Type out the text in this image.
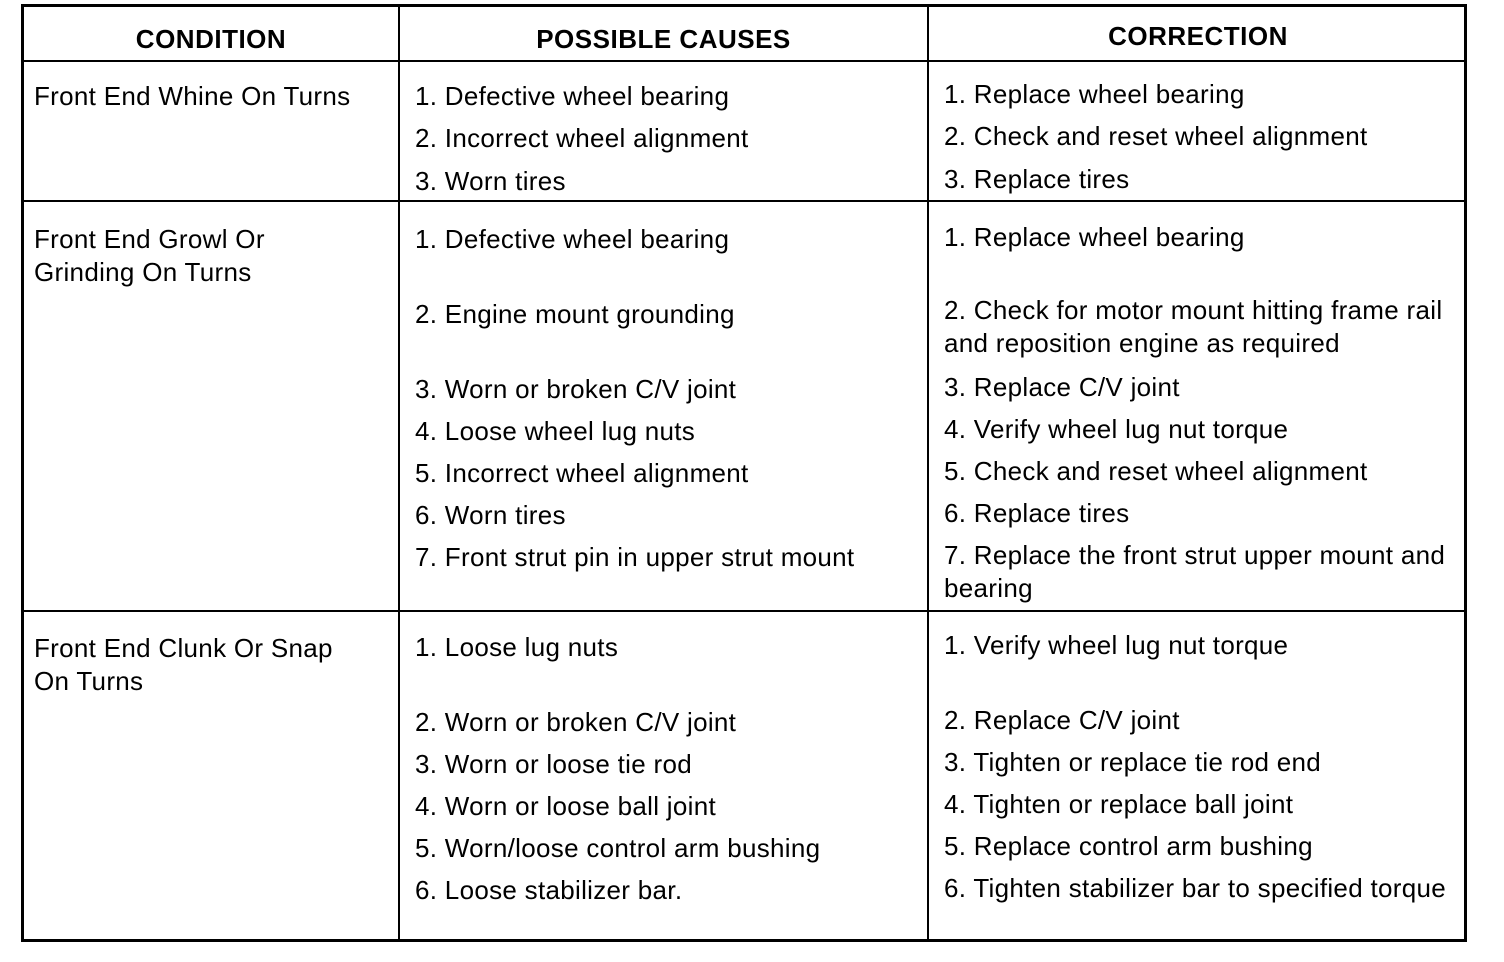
CONDITION	POSSIBLE CAUSES	CORRECTION
Front End Whine On Turns 1. Defective wheel bearing
2. Incorrect wheel alignment
3. Worn tires
1. Replace wheel bearing
2. Check and reset wheel alignment
3. Replace tires
Front End Growl Or Grinding On Turns
1. Defective wheel bearing
2. Engine mount grounding
3. Worn or broken C/V joint
4. Loose wheel lug nuts
5. Incorrect wheel alignment
6. Worn tires
7. Front strut pin in upper strut mount
1. Replace wheel bearing
2. Check for motor mount hitting frame rail and reposition engine as required
3. Replace C/V joint
4. Verify wheel lug nut torque
5. Check and reset wheel alignment
6. Replace tires
7. Replace the front strut upper mount and bearing
Front End Clunk Or Snap On Turns
1. Loose lug nuts
2. Worn or broken C/V joint
3. Worn or loose tie rod
4. Worn or loose ball joint
5. Worn/loose control arm bushing
6. Loose stabilizer bar.
1. Verify wheel lug nut torque
2. Replace C/V joint
3. Tighten or replace tie rod end
4. Tighten or replace ball joint
5. Replace control arm bushing
6. Tighten stabilizer bar to specified torque
